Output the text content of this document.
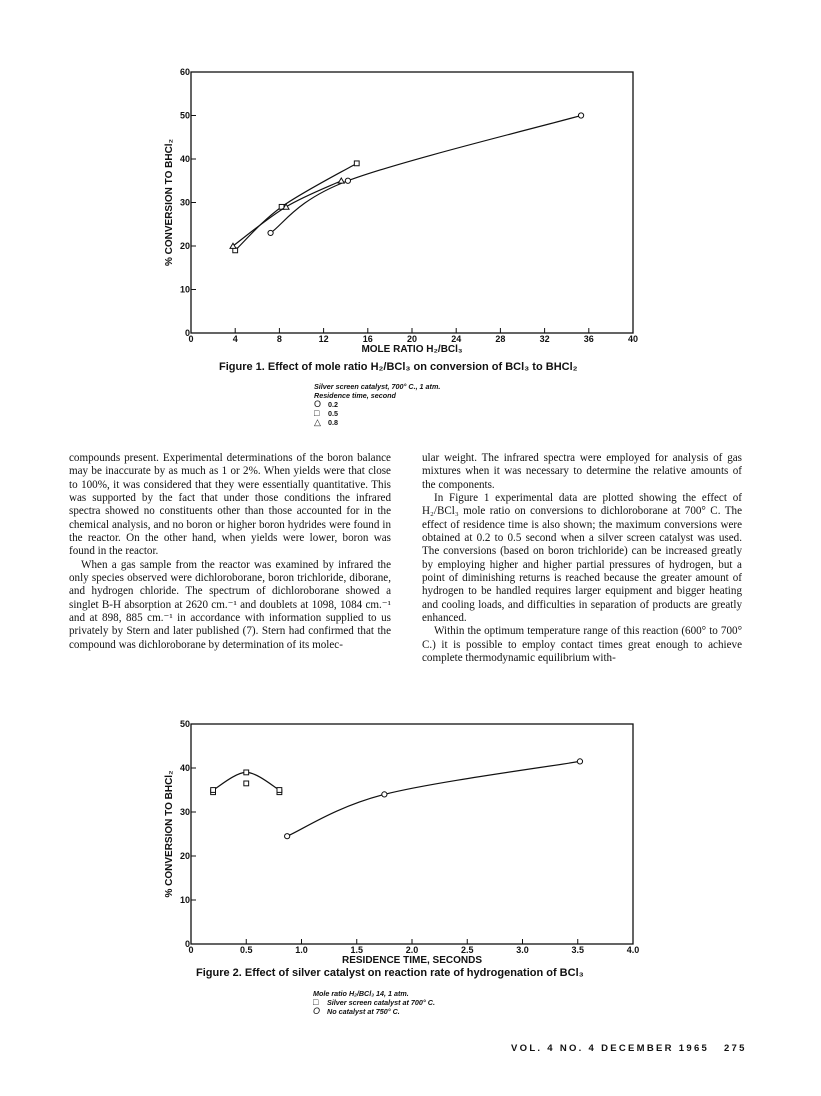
0	4	8	12	16	20	24	28	32	36	40
0
10
20
30
40
50
60
MOLE RATIO H₂/BCl₃
% CONVERSION TO BHCl₂
Figure 1. Effect of mole ratio H₂/BCl₃ on conversion of BCl₃ to BHCl₂
Silver screen catalyst, 700° C., 1 atm.
Residence time, second
O 0.2
□	0.5
△ 0.8

compounds present. Experimental determinations of the boron balance may be inaccurate by as much as 1 or 2%. When yields were that close to 100%, it was considered that they were essentially quantitative. This was supported by the fact that under those conditions the infrared spectra showed no constituents other than those accounted for in the chemical analysis, and no boron or higher boron hydrides were found in the reactor. On the other hand, when yields were lower, boron was found in the reactor.

When a gas sample from the reactor was examined by infrared the only species observed were dichloroborane, boron trichloride, diborane, and hydrogen chloride. The spectrum of dichloroborane showed a singlet B-H absorption at 2620 cm.⁻¹ and doublets at 1098, 1084 cm.⁻¹ and at 898, 885 cm.⁻¹ in accordance with information supplied to us privately by Stern and later published (7). Stern had confirmed that the compound was dichloroborane by determination of its molec-

ular weight. The infrared spectra were employed for analysis of gas mixtures when it was necessary to determine the relative amounts of the components.

In Figure 1 experimental data are plotted showing the effect of H₂/BCl₃ mole ratio on conversions to dichloroborane at 700° C. The effect of residence time is also shown; the maximum conversions were obtained at 0.2 to 0.5 second when a silver screen catalyst was used. The conversions (based on boron trichloride) can be increased greatly by employing higher and higher partial pressures of hydrogen, but a point of diminishing returns is reached because the greater amount of hydrogen to be handled requires larger equipment and bigger heating and cooling loads, and difficulties in separation of products are greatly enhanced.

Within the optimum temperature range of this reaction (600° to 700° C.) it is possible to employ contact times great enough to achieve complete thermodynamic equilibrium with-

0	0.5	1.0	1.5	2.0	2.5	3.0	3.5	4.0
0
10
20
30
40
50
RESIDENCE TIME, SECONDS
% CONVERSION TO BHCl₂
Figure 2. Effect of silver catalyst on reaction rate of hydrogenation of BCl₃
Mole ratio H₂/BCl₃ 14, 1 atm.
□	Silver screen catalyst at 700° C.
O No catalyst at 750° C.
VOL. 4 NO. 4 DECEMBER 1965 275
